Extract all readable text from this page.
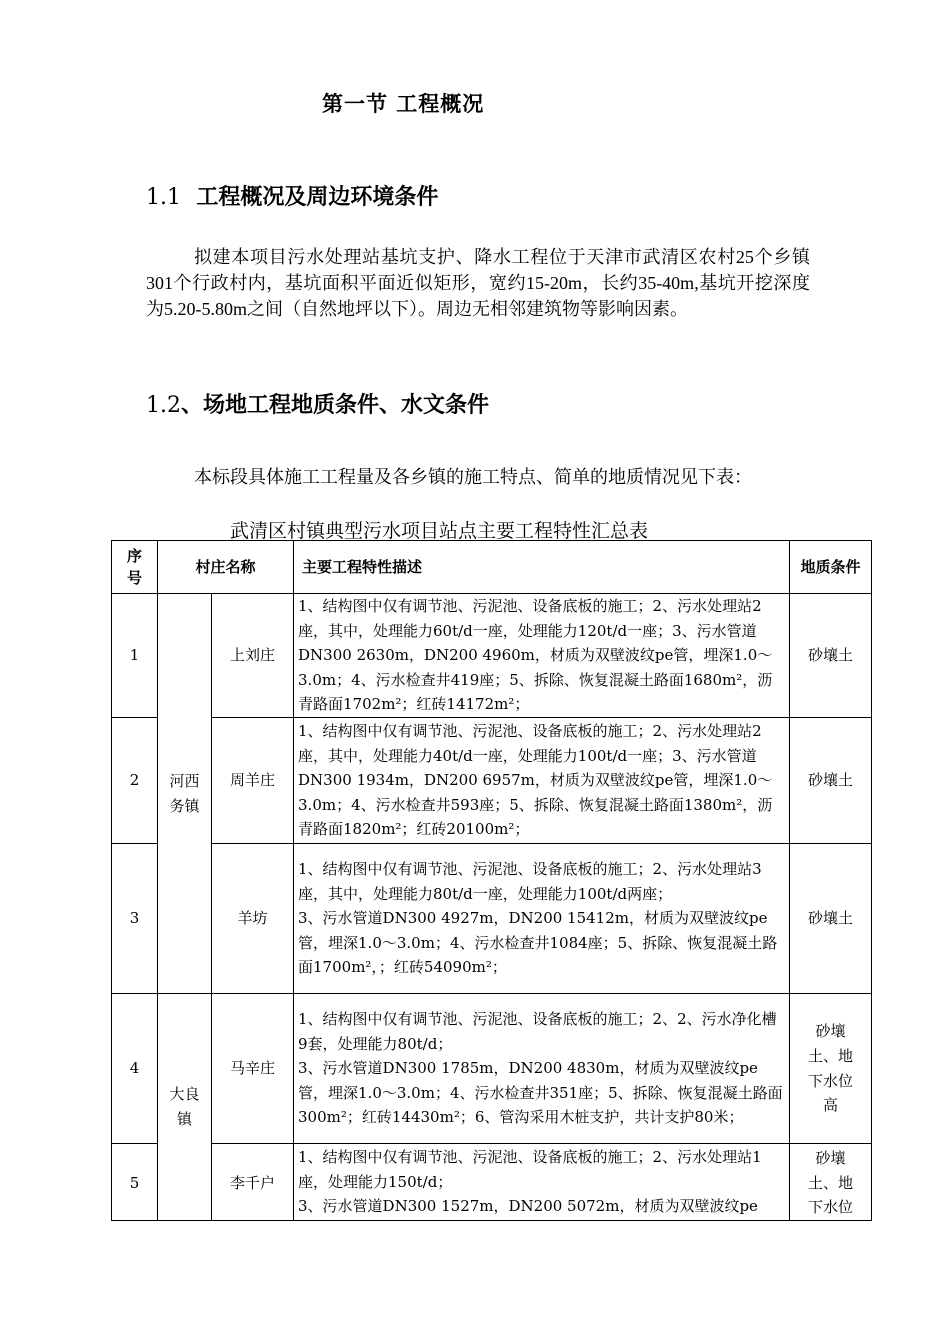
第一节 工程概况
1.1 工程概况及周边环境条件

拟建本项目污水处理站基坑支护、降水工程位于天津市武清区农村25个乡镇301个行政村内，基坑面积平面近似矩形，宽约15-20m，长约35-40m,基坑开挖深度为5.20-5.80m之间（自然地坪以下）。周边无相邻建筑物等影响因素。

1.2、场地工程地质条件、水文条件

本标段具体施工工程量及各乡镇的施工特点、简单的地质情况见下表：

武清区村镇典型污水项目站点主要工程特性汇总表
序号	村庄名称		主要工程特性描述	地质条件
1	河西务镇	上刘庄	1、结构图中仅有调节池、污泥池、设备底板的施工；2、污水处理站2座，其中，处理能力60t/d一座，处理能力120t/d一座；3、污水管道DN300 2630m，DN200 4960m，材质为双壁波纹pe管，埋深1.0～3.0m；4、污水检查井419座；5、拆除、恢复混凝土路面1680m²，沥青路面1702m²；红砖14172m²；	砂壤土
2		周羊庄	1、结构图中仅有调节池、污泥池、设备底板的施工；2、污水处理站2座，其中，处理能力40t/d一座，处理能力100t/d一座；3、污水管道DN300 1934m，DN200 6957m，材质为双壁波纹pe管，埋深1.0～3.0m；4、污水检查井593座；5、拆除、恢复混凝土路面1380m²，沥青路面1820m²；红砖20100m²；	砂壤土
3		羊坊	1、结构图中仅有调节池、污泥池、设备底板的施工；2、污水处理站3座，其中，处理能力80t/d一座，处理能力100t/d两座；
3、污水管道DN300 4927m，DN200 15412m，材质为双壁波纹pe管，埋深1.0～3.0m；4、污水检查井1084座；5、拆除、恢复混凝土路面1700m²，；红砖54090m²；	砂壤土
4	大良镇	马辛庄	1、结构图中仅有调节池、污泥池、设备底板的施工；2、2、污水净化槽9套，处理能力80t/d；
3、污水管道DN300 1785m，DN200 4830m，材质为双壁波纹pe管，埋深1.0～3.0m；4、污水检查井351座；5、拆除、恢复混凝土路面300m²；红砖14430m²；6、管沟采用木桩支护，共计支护80米；	砂壤土、地下水位高
5		李千户	1、结构图中仅有调节池、污泥池、设备底板的施工；2、污水处理站1座，处理能力150t/d；
3、污水管道DN300 1527m，DN200 5072m，材质为双壁波纹pe	砂壤土、地下水位
